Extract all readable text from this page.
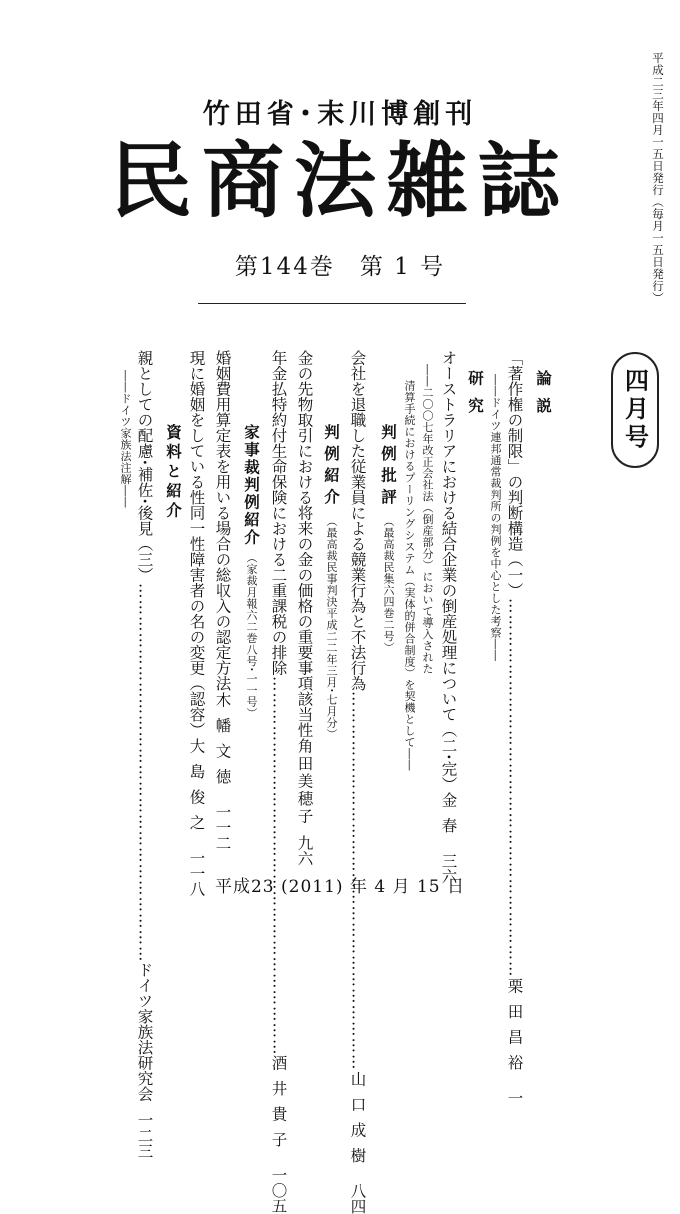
竹田省･末川博創刊
民商法雑誌
第144巻　第 1 号	平成二三年四月一五日発行（毎月一五日発行）
四月号
論説
「著作権の制限」の判断構造（一）
……………………………………………………………
栗田昌裕
一
――ドイツ連邦通常裁判所の判例を中心とした考察――
研究
オーストラリアにおける結合企業の倒産処理について（二･完）
金春
三六
――二〇〇七年改正会社法（倒産部分）において導入された
清算手続におけるプーリングシステム（実体的併合制度）を契機として――
判例批評 （最高裁民集六四巻二号）
会社を退職した従業員による競業行為と不法行為
……………………………………………………………
山口成樹
八四
判例紹介 （最高裁民事判決平成二二年三月･七月分）
金の先物取引における将来の金の価格の重要事項該当性
角田美穂子
九六
年金払特約付生命保険における二重課税の排除
……………………………………………………………
酒井貴子
一〇五
家事裁判例紹介 （家裁月報六二巻八号･一一号）
婚姻費用算定表を用いる場合の総収入の認定方法
木幡文徳
一一二
現に婚姻をしている性同一性障害者の名の変更（認容）
大島俊之
一一八
資料と紹介
親としての配慮･補佐･後見（三）
……………………………………………………………
ドイツ家族法研究会
一二三
――ドイツ家族法注解――
平成23 (2011) 年 4 月 15 日
